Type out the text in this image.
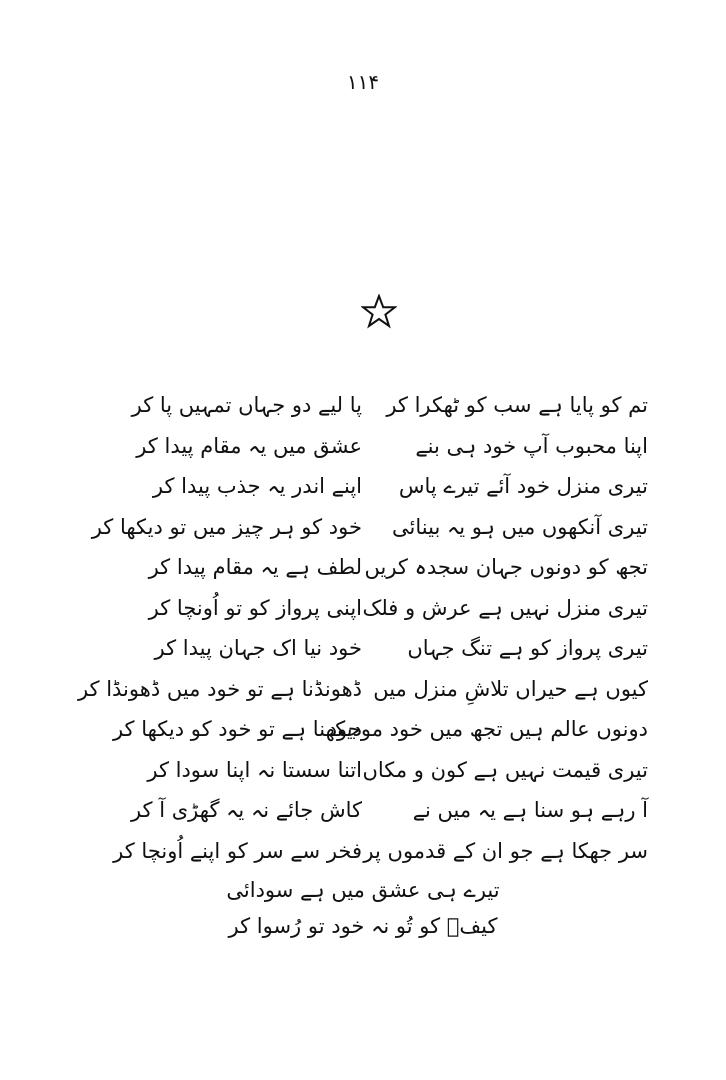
۱۱۴
تم کو پایا ہے سب کو ٹھکرا کر
پا لیے دو جہاں تمہیں پا کر
اپنا محبوب آپ خود ہی بنے
عشق میں یہ مقام پیدا کر
تیری منزل خود آئے تیرے پاس
اپنے اندر یہ جذب پیدا کر
تیری آنکھوں میں ہو یہ بینائی
خود کو ہر چیز میں تو دیکھا کر
تجھ کو دونوں جہان سجدہ کریں
لطف ہے یہ مقام پیدا کر
تیری منزل نہیں ہے عرش و فلک
اپنی پرواز کو تو اُونچا کر
تیری پرواز کو ہے تنگ جہاں
خود نیا اک جہان پیدا کر
کیوں ہے حیراں تلاشِ منزل میں
ڈھونڈنا ہے تو خود میں ڈھونڈا کر
دونوں عالم ہیں تجھ میں خود موجود
دیکھنا ہے تو خود کو دیکھا کر
تیری قیمت نہیں ہے کون و مکاں
اتنا سستا نہ اپنا سودا کر
آ رہے ہو سنا ہے یہ میں نے
کاش جائے نہ یہ گھڑی آ کر
سر جھکا ہے جو ان کے قدموں پر
فخر سے سر کو اپنے اُونچا کر
تیرے ہی عشق میں ہے سودائی
کیفؔ کو تُو نہ خود تو رُسوا کر
